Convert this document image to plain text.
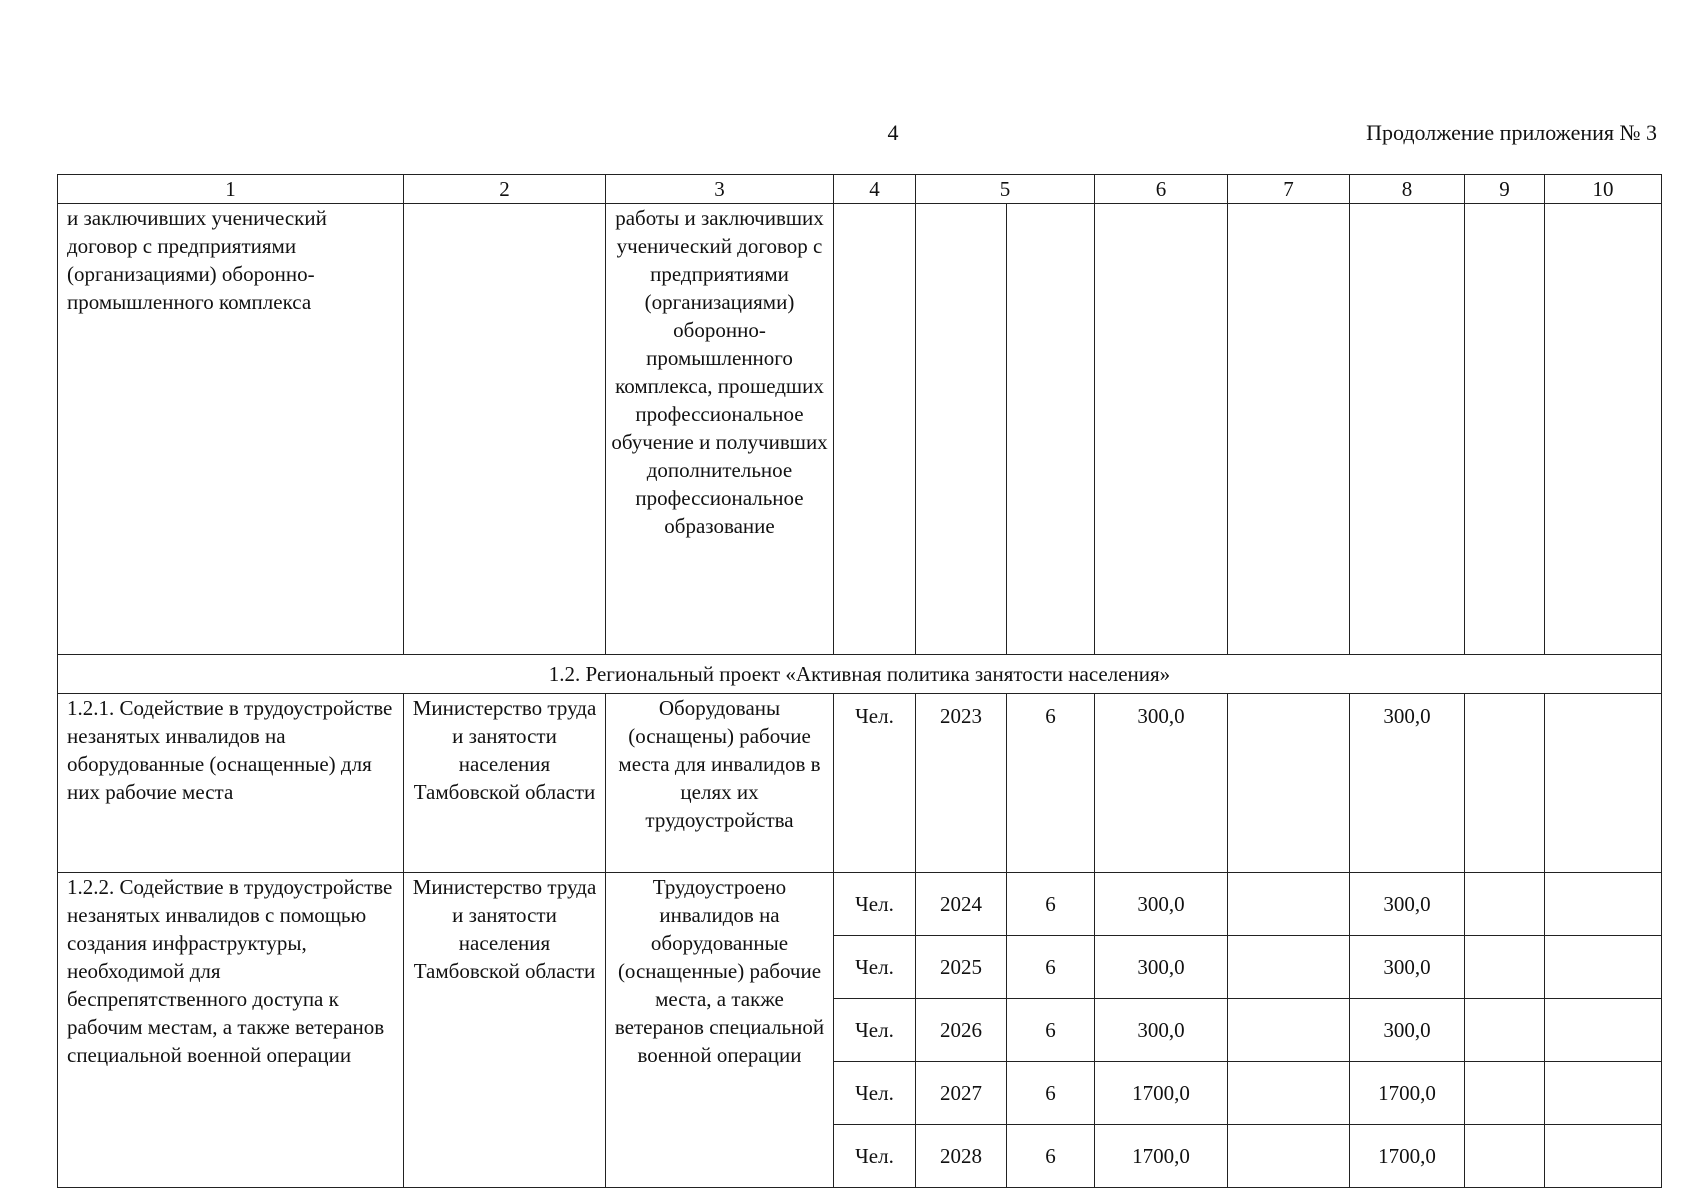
4	Продолжение приложения № 3
1	2	3	4	5		6	7	8	9	10
и заключивших ученический договор с предприятиями (организациями) оборонно-промышленного комплекса		работы и заключивших ученический договор с предприятиями (организациями) оборонно-промышленного комплекса, прошедших профессиональное обучение и получивших дополнительное профессиональное образование								
1.2. Региональный проект «Активная политика занятости населения»										
1.2.1. Содействие в трудоустройстве незанятых инвалидов на оборудованные (оснащенные) для них рабочие места	Министерство труда и занятости населения Тамбовской области	Оборудованы (оснащены) рабочие места для инвалидов в целях их трудоустройства	Чел.	2023	6	300,0		300,0		
1.2.2. Содействие в трудоустройстве незанятых инвалидов с помощью создания инфраструктуры, необходимой для беспрепятственного доступа к рабочим местам, а также ветеранов специальной военной операции	Министерство труда и занятости населения Тамбовской области	Трудоустроено инвалидов на оборудованные (оснащенные) рабочие места, а также ветеранов специальной военной операции	Чел.	2024	6	300,0		300,0		
			Чел.	2025	6	300,0		300,0		
			Чел.	2026	6	300,0		300,0		
			Чел.	2027	6	1700,0		1700,0		
			Чел.	2028	6	1700,0		1700,0		
